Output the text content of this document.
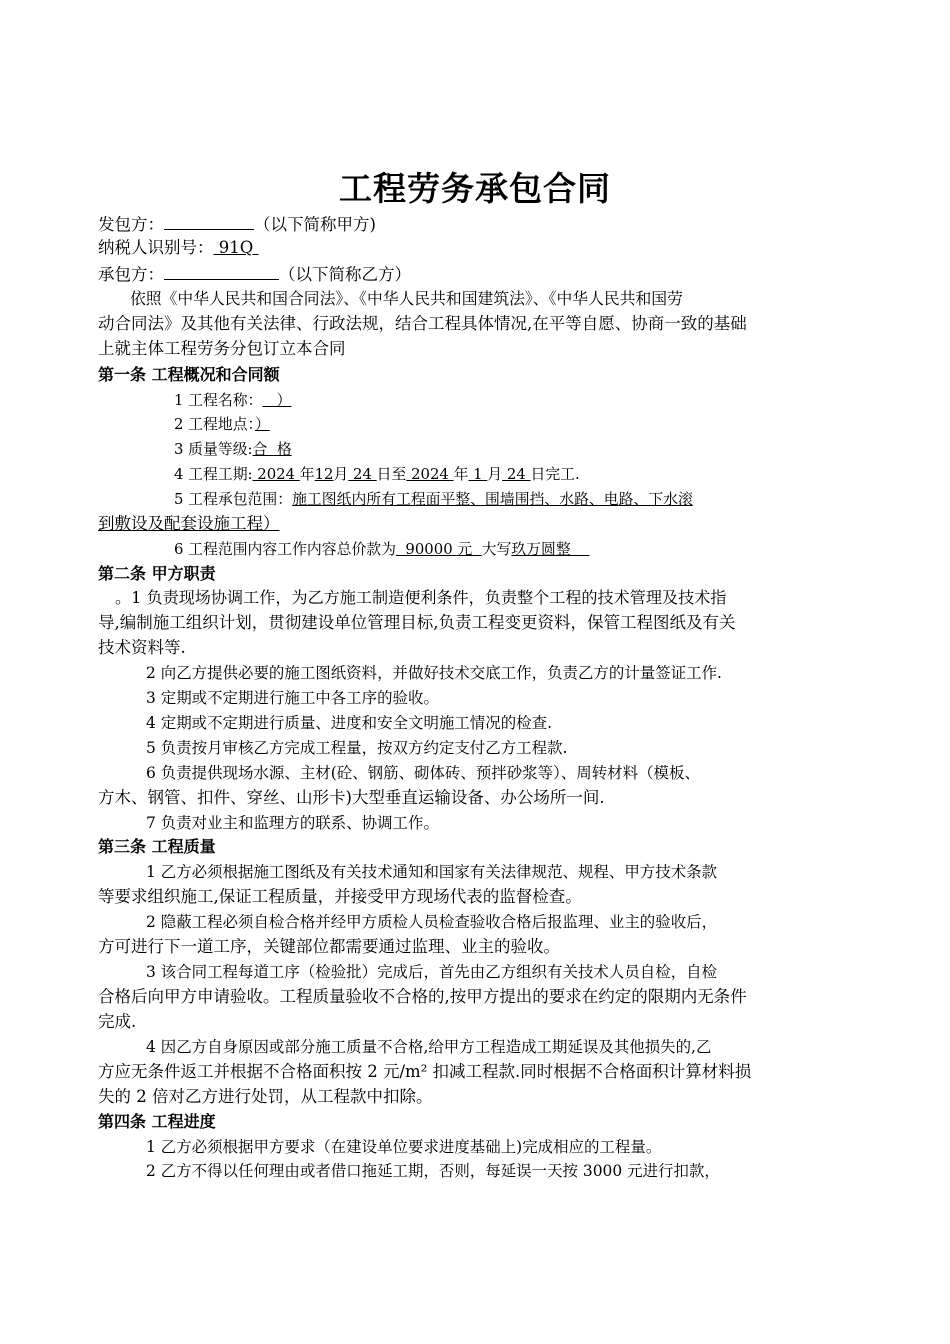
工程劳务承包合同
发包方：	（以下简称甲方)
纳税人识别号： 91Q
承包方：	（以下简称乙方）
依照《中华人民共和国合同法》、《中华人民共和国建筑法》、《中华人民共和国劳
动合同法》及其他有关法律、行政法规，结合工程具体情况,在平等自愿、协商一致的基础
上就主体工程劳务分包订立本合同
第一条 工程概况和合同额
1 工程名称：   ）
2 工程地点：）
3 质量等级:合  格
4 工程工期: 2024 年12月 24 日至 2024 年 1 月 24 日完工.
5 工程承包范围：施工图纸内所有工程面平整、围墙围挡、水路、电路、下水滚
到敷设及配套设施工程）
6 工程范围内容工作内容总价款为  90000 元  大写玖万圆整
第二条 甲方职责
。1 负责现场协调工作，为乙方施工制造便利条件，负责整个工程的技术管理及技术指
导,编制施工组织计划，贯彻建设单位管理目标,负责工程变更资料，保管工程图纸及有关
技术资料等.
2 向乙方提供必要的施工图纸资料，并做好技术交底工作，负责乙方的计量签证工作.
3 定期或不定期进行施工中各工序的验收。
4 定期或不定期进行质量、进度和安全文明施工情况的检查.
5 负责按月审核乙方完成工程量，按双方约定支付乙方工程款.
6 负责提供现场水源、主材(砼、钢筋、砌体砖、预拌砂浆等）、周转材料（模板、
方木、钢管、扣件、穿丝、山形卡)大型垂直运输设备、办公场所一间.
7 负责对业主和监理方的联系、协调工作。
第三条 工程质量
1 乙方必须根据施工图纸及有关技术通知和国家有关法律规范、规程、甲方技术条款
等要求组织施工,保证工程质量，并接受甲方现场代表的监督检查。
2 隐蔽工程必须自检合格并经甲方质检人员检查验收合格后报监理、业主的验收后，
方可进行下一道工序，关键部位都需要通过监理、业主的验收。
3 该合同工程每道工序（检验批）完成后，首先由乙方组织有关技术人员自检，自检
合格后向甲方申请验收。工程质量验收不合格的,按甲方提出的要求在约定的限期内无条件
完成.
4 因乙方自身原因或部分施工质量不合格,给甲方工程造成工期延误及其他损失的,乙
方应无条件返工并根据不合格面积按 2 元/m² 扣减工程款.同时根据不合格面积计算材料损
失的 2 倍对乙方进行处罚，从工程款中扣除。
第四条 工程进度
1 乙方必须根据甲方要求（在建设单位要求进度基础上)完成相应的工程量。
2 乙方不得以任何理由或者借口拖延工期，否则，每延误一天按 3000 元进行扣款，
